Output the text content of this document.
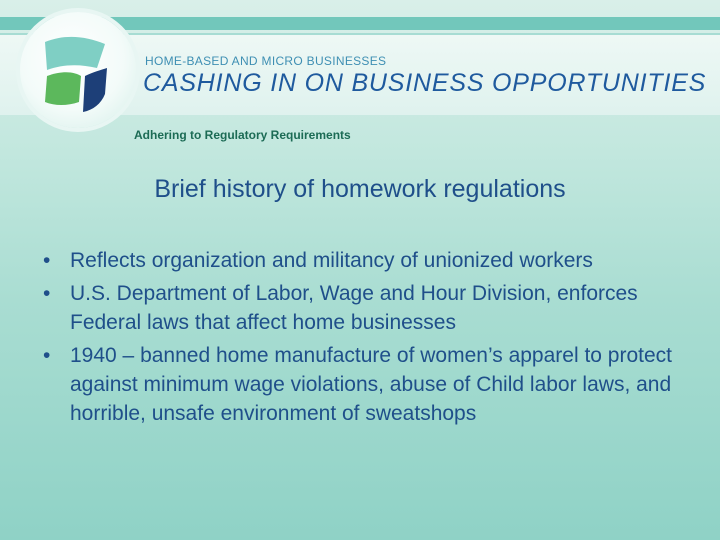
HOME-BASED AND MICRO BUSINESSES
CASHING IN ON BUSINESS OPPORTUNITIES
Adhering to Regulatory Requirements
Brief history of homework regulations
• Reflects organization and militancy of unionized workers
• U.S. Department of Labor, Wage and Hour Division, enforces Federal laws that affect home businesses
• 1940 – banned home manufacture of women’s apparel to protect against minimum wage violations, abuse of Child labor laws, and horrible, unsafe environment of sweatshops
